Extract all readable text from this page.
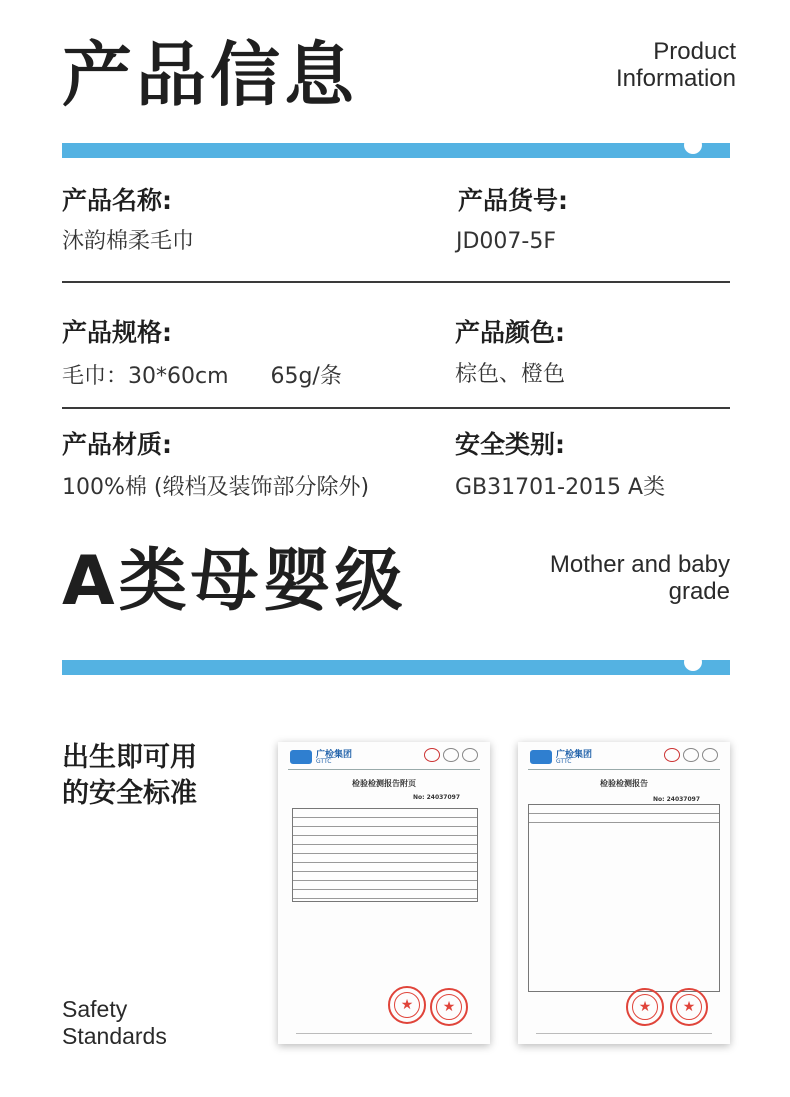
产品信息	Product
Information
产品名称:
沐韵棉柔毛巾
产品货号:
JD007-5F
产品规格:
毛巾：30*60cm      65g/条
产品颜色:
棕色、橙色
产品材质:
100%棉 (缎档及装饰部分除外)
安全类别:
GB31701-2015 A类
A类母婴级	Mother and baby
grade
出生即可用
的安全标准
Safety
Standards
广检集团
GTTC
检验检测报告附页
No: 24037097
★	★
广检集团
GTTC
检验检测报告
No: 24037097
★	★
